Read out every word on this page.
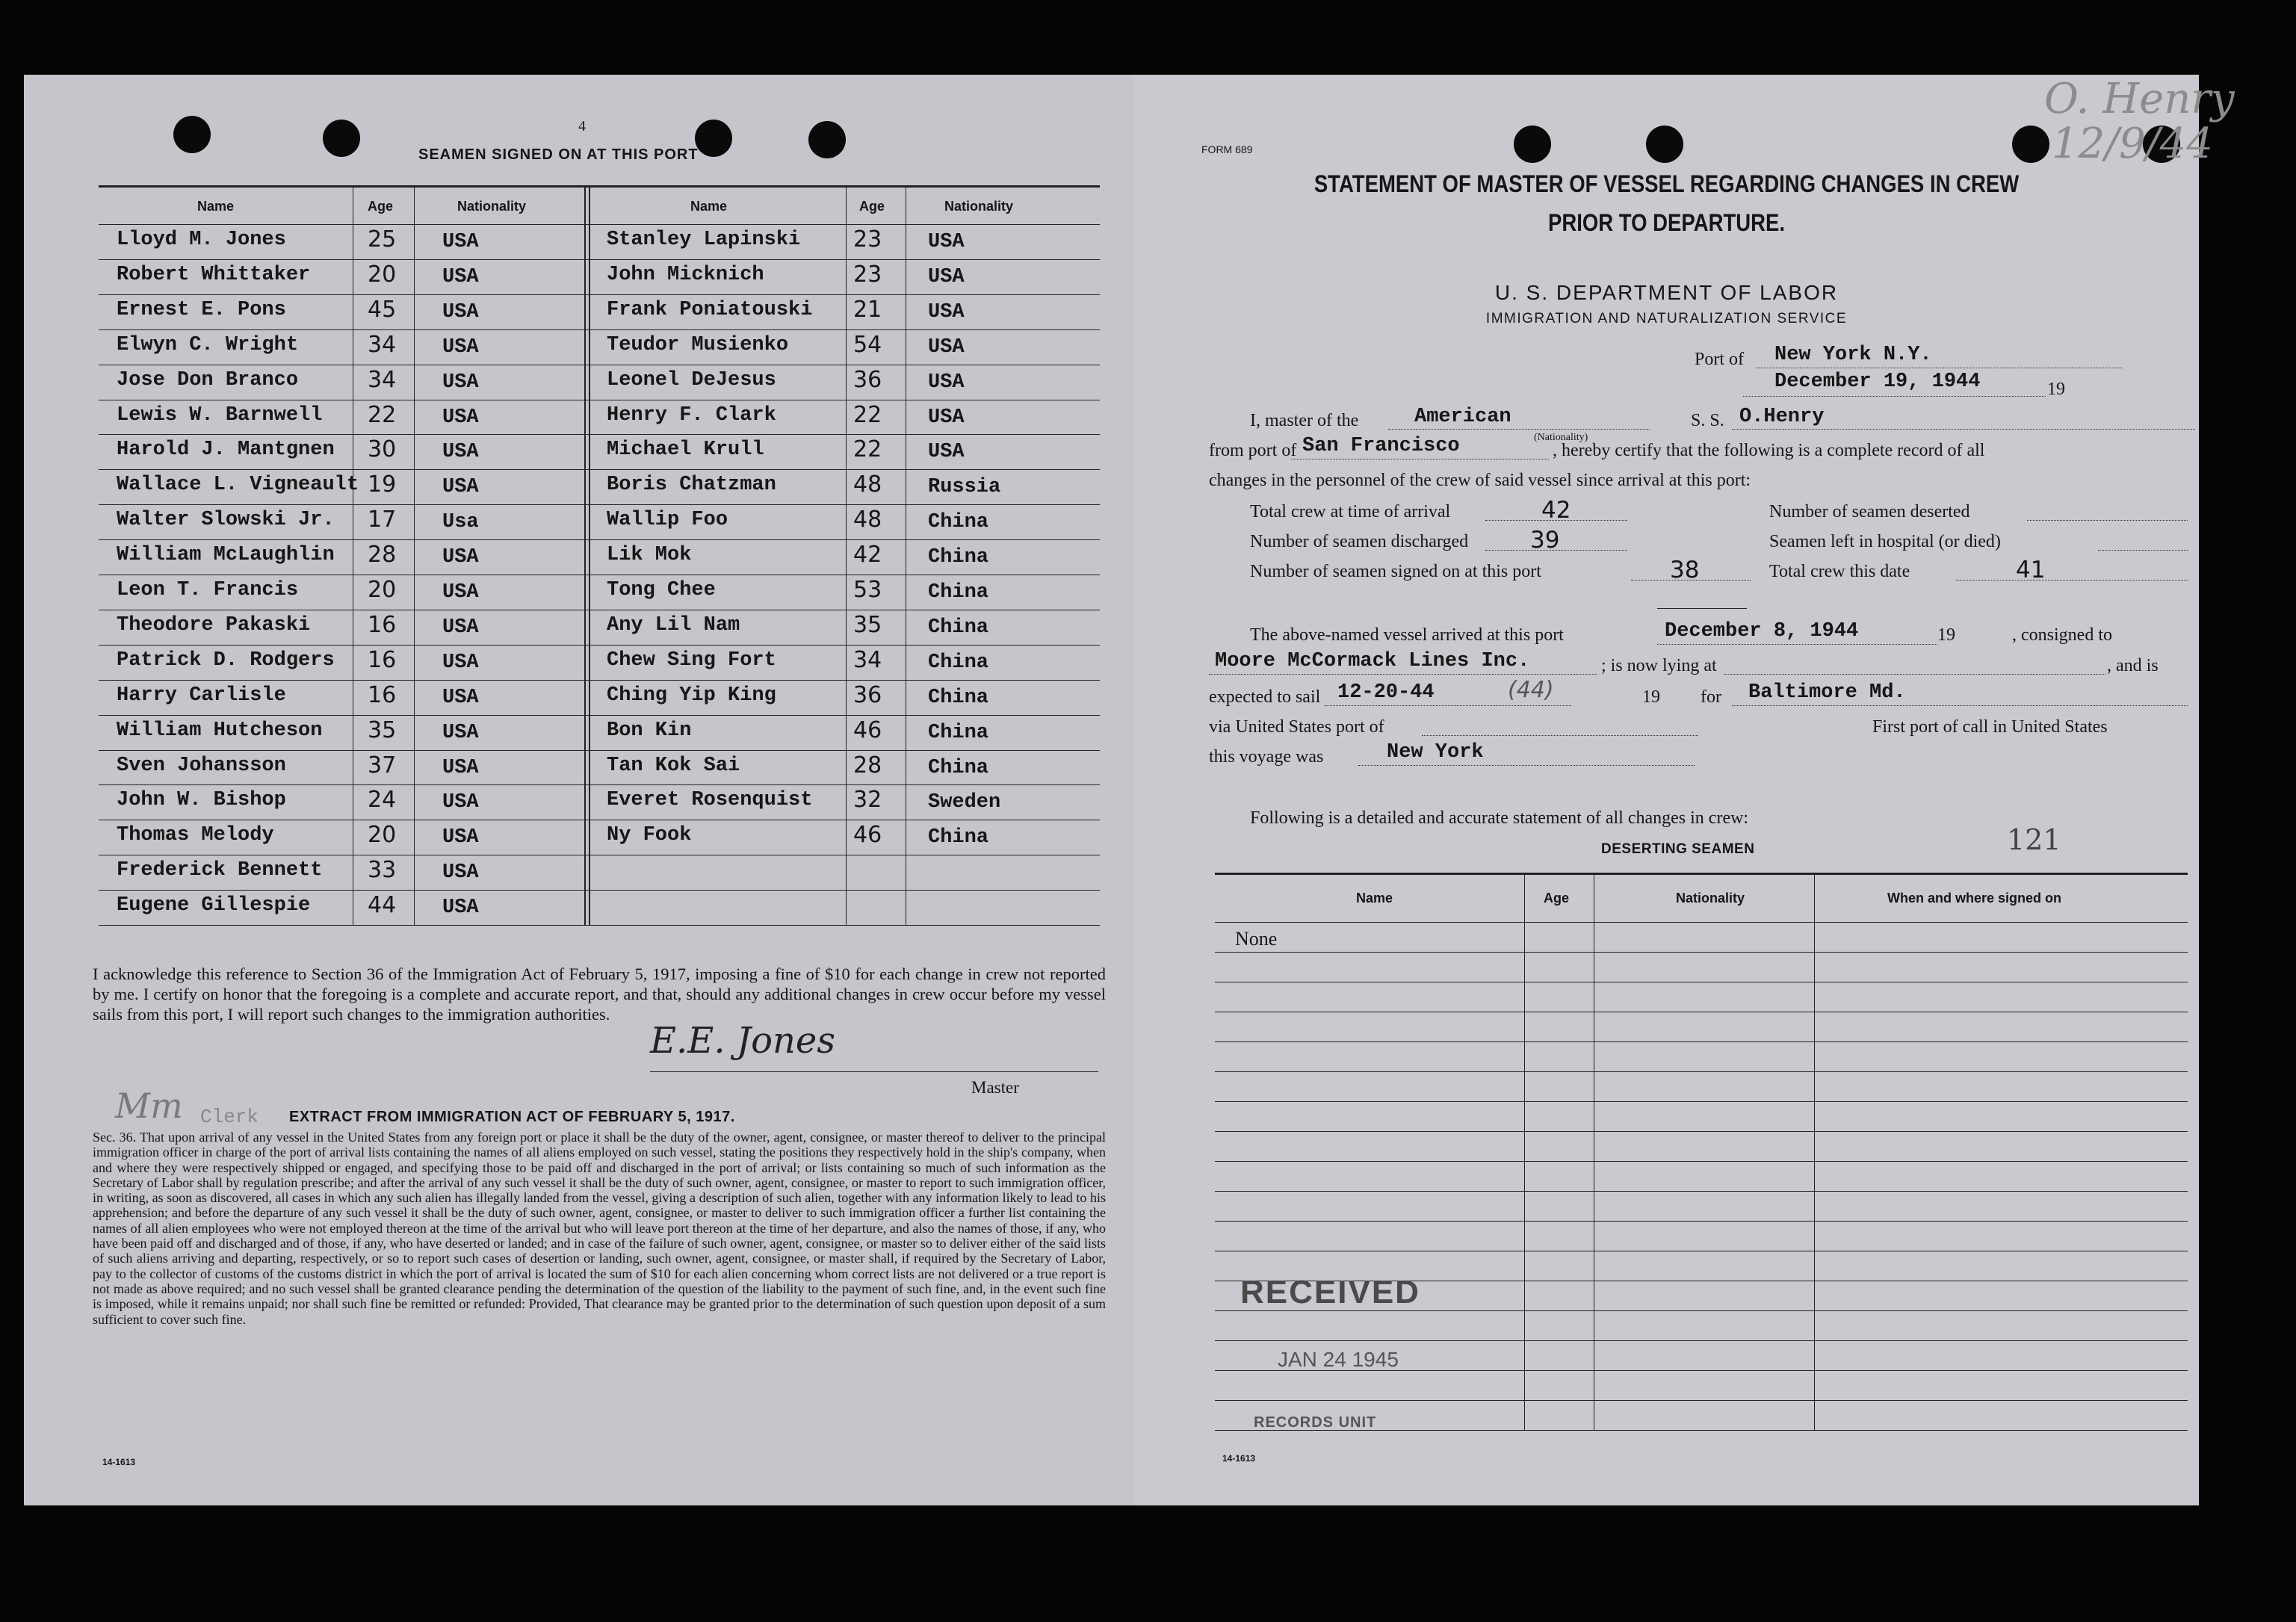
4
SEAMEN SIGNED ON AT THIS PORT
Name	Age	Nationality	Name	Age	Nationality
Lloyd M. Jones	25 USA	Stanley Lapinski 23 USA
Robert Whittaker	20 USA	John Micknich	23 USA
Ernest E. Pons	45 USA	Frank Poniatouski 21 USA
Elwyn C. Wright	34 USA	Teudor Musienko	54 USA
Jose Don Branco	34 USA	Leonel DeJesus	36 USA
Lewis W. Barnwell 22 USA	Henry F. Clark	22 USA
Harold J. Mantgnen 30 USA	Michael Krull	22 USA
Wallace L. Vigneault 19 USA	Boris Chatzman	48 Russia
Walter Slowski Jr. 17 Usa	Wallip Foo	48 China
William McLaughlin 28 USA	Lik Mok	42 China
Leon T. Francis	20 USA	Tong Chee	53 China
Theodore Pakaski	16 USA	Any Lil Nam	35 China
Patrick D. Rodgers 16 USA	Chew Sing Fort	34 China
Harry Carlisle	16 USA	Ching Yip King	36 China
William Hutcheson 35 USA	Bon Kin	46 China
Sven Johansson	37 USA	Tan Kok Sai	28 China
John W. Bishop	24 USA	Everet Rosenquist 32 Sweden
Thomas Melody	20 USA	Ny Fook	46 China
Frederick Bennett 33 USA
Eugene Gillespie	44 USA
I acknowledge this reference to Section 36 of the Immigration Act of February 5, 1917, imposing a fine of $10 for each change in crew not reported by me. I certify on honor that the foregoing is a complete and accurate report, and that, should any additional changes in crew occur before my vessel sails from this port, I will report such changes to the immigration authorities.
E.E. Jones
Master
Mm Clerk EXTRACT FROM IMMIGRATION ACT OF FEBRUARY 5, 1917.
Sec. 36. That upon arrival of any vessel in the United States from any foreign port or place it shall be the duty of the owner, agent, consignee, or master thereof to deliver to the principal immigration officer in charge of the port of arrival lists containing the names of all aliens employed on such vessel, stating the positions they respectively hold in the ship's company, when and where they were respectively shipped or engaged, and specifying those to be paid off and discharged in the port of arrival; or lists containing so much of such information as the Secretary of Labor shall by regulation prescribe; and after the arrival of any such vessel it shall be the duty of such owner, agent, consignee, or master to report to such immigration officer, in writing, as soon as discovered, all cases in which any such alien has illegally landed from the vessel, giving a description of such alien, together with any information likely to lead to his apprehension; and before the departure of any such vessel it shall be the duty of such owner, agent, consignee, or master to deliver to such immigration officer a further list containing the names of all alien employees who were not employed thereon at the time of the arrival but who will leave port thereon at the time of her departure, and also the names of those, if any, who have been paid off and discharged and of those, if any, who have deserted or landed; and in case of the failure of such owner, agent, consignee, or master so to deliver either of the said lists of such aliens arriving and departing, respectively, or so to report such cases of desertion or landing, such owner, agent, consignee, or master shall, if required by the Secretary of Labor, pay to the collector of customs of the customs district in which the port of arrival is located the sum of $10 for each alien concerning whom correct lists are not delivered or a true report is not made as above required; and no such vessel shall be granted clearance pending the determination of the question of the liability to the payment of such fine, and, in the event such fine is imposed, while it remains unpaid; nor shall such fine be remitted or refunded: Provided, That clearance may be granted prior to the determination of such question upon deposit of a sum sufficient to cover such fine.
14-1613
O. Henry
12/9/44
FORM 689
STATEMENT OF MASTER OF VESSEL REGARDING CHANGES IN CREW
PRIOR TO DEPARTURE.
U. S. DEPARTMENT OF LABOR
IMMIGRATION AND NATURALIZATION SERVICE
Port of New York N.Y.
December 19, 1944	19
I, master of the	American	S. S. O.Henry
from port of San Francisco	(Nationality)
, hereby certify that the following is a complete record of all
changes in the personnel of the crew of said vessel since arrival at this port:
Total crew at time of arrival	42	Number of seamen deserted
Number of seamen discharged	39	Seamen left in hospital (or died)
Number of seamen signed on at this port	38	Total crew this date	41
The above-named vessel arrived at this port	December 8, 1944	19	, consigned to
Moore McCormack Lines Inc.	; is now lying at	, and is
expected to sail 12-20-44	(44)	19 for Baltimore Md.
via United States port of	First port of call in United States
this voyage was	New York
Following is a detailed and accurate statement of all changes in crew:
DESERTING SEAMEN	121
Name	Age	Nationality	When and where signed on
None
RECEIVED
JAN 24 1945
RECORDS UNIT
14-1613
